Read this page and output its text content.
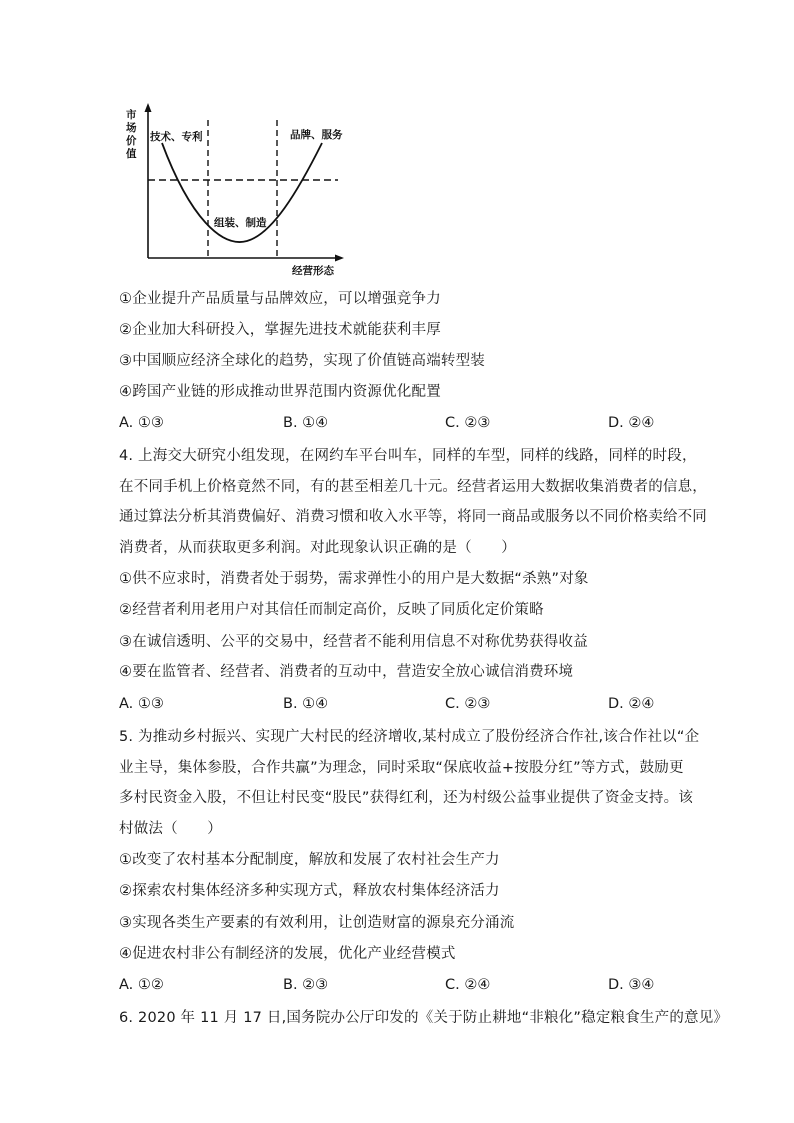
市
场
价
值
技术、专利	品牌、服务
组装、制造
经营形态
①企业提升产品质量与品牌效应，可以增强竞争力
②企业加大科研投入，掌握先进技术就能获利丰厚
③中国顺应经济全球化的趋势，实现了价值链高端转型装
④跨国产业链的形成推动世界范围内资源优化配置
A. ①③	B. ①④	C. ②③	D. ②④
4. 上海交大研究小组发现，在网约车平台叫车，同样的车型，同样的线路，同样的时段，
在不同手机上价格竟然不同，有的甚至相差几十元。经营者运用大数据收集消费者的信息，
通过算法分析其消费偏好、消费习惯和收入水平等，将同一商品或服务以不同价格卖给不同
消费者，从而获取更多利润。对此现象认识正确的是（　　）
①供不应求时，消费者处于弱势，需求弹性小的用户是大数据“杀熟”对象
②经营者利用老用户对其信任而制定高价，反映了同质化定价策略
③在诚信透明、公平的交易中，经营者不能利用信息不对称优势获得收益
④要在监管者、经营者、消费者的互动中，营造安全放心诚信消费环境
A. ①③	B. ①④	C. ②③	D. ②④
5. 为推动乡村振兴、实现广大村民的经济增收,某村成立了股份经济合作社,该合作社以“企
业主导，集体参股，合作共赢”为理念，同时采取“保底收益+按股分红”等方式，鼓励更
多村民资金入股，不但让村民变“股民”获得红利，还为村级公益事业提供了资金支持。该
村做法（　　）
①改变了农村基本分配制度，解放和发展了农村社会生产力
②探索农村集体经济多种实现方式，释放农村集体经济活力
③实现各类生产要素的有效利用，让创造财富的源泉充分涌流
④促进农村非公有制经济的发展，优化产业经营模式
A. ①②	B. ②③	C. ②④	D. ③④
6. 2020 年 11 月 17 日,国务院办公厅印发的《关于防止耕地“非粮化”稳定粮食生产的意见》
